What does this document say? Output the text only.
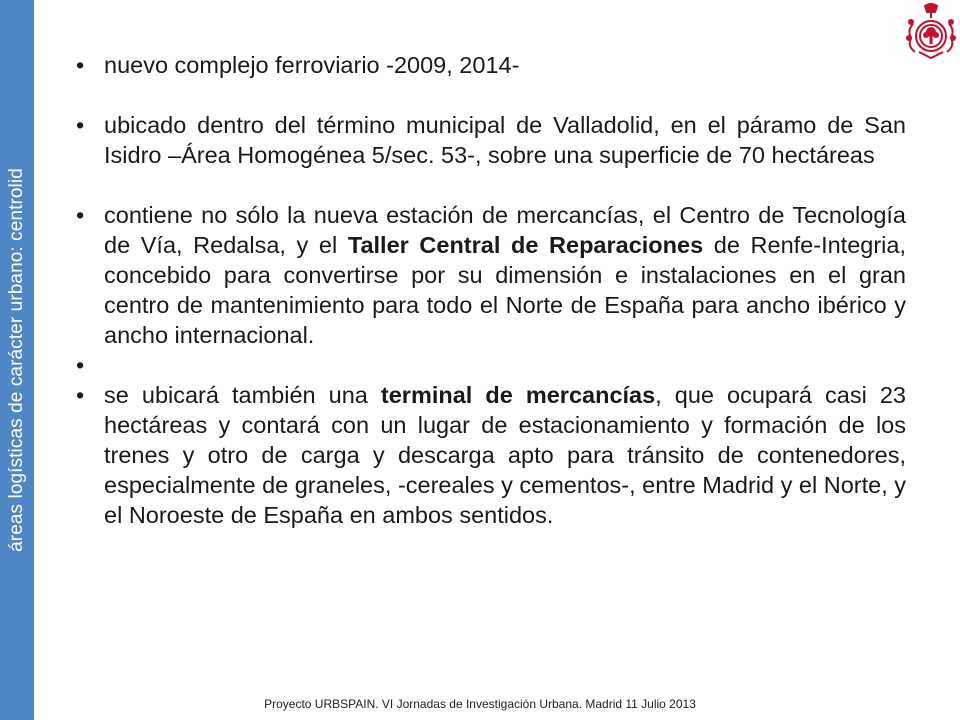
áreas logísticas de carácter urbano: centrolid
• nuevo complejo ferroviario -2009, 2014-
• ubicado dentro del término municipal de Valladolid, en el páramo de San Isidro –Área Homogénea 5/sec. 53-, sobre una superficie de 70 hectáreas
• contiene no sólo la nueva estación de mercancías, el Centro de Tecnología de Vía, Redalsa, y el Taller Central de Reparaciones de Renfe-Integria, concebido para convertirse por su dimensión e instalaciones en el gran centro de mantenimiento para todo el Norte de España para ancho ibérico y ancho internacional.
•
• se ubicará también una terminal de mercancías, que ocupará casi 23 hectáreas y contará con un lugar de estacionamiento y formación de los trenes y otro de carga y descarga apto para tránsito de contenedores, especialmente de graneles, -cereales y cementos-, entre Madrid y el Norte, y el Noroeste de España en ambos sentidos.
Proyecto URBSPAIN. VI Jornadas de Investigación Urbana. Madrid 11 Julio 2013
